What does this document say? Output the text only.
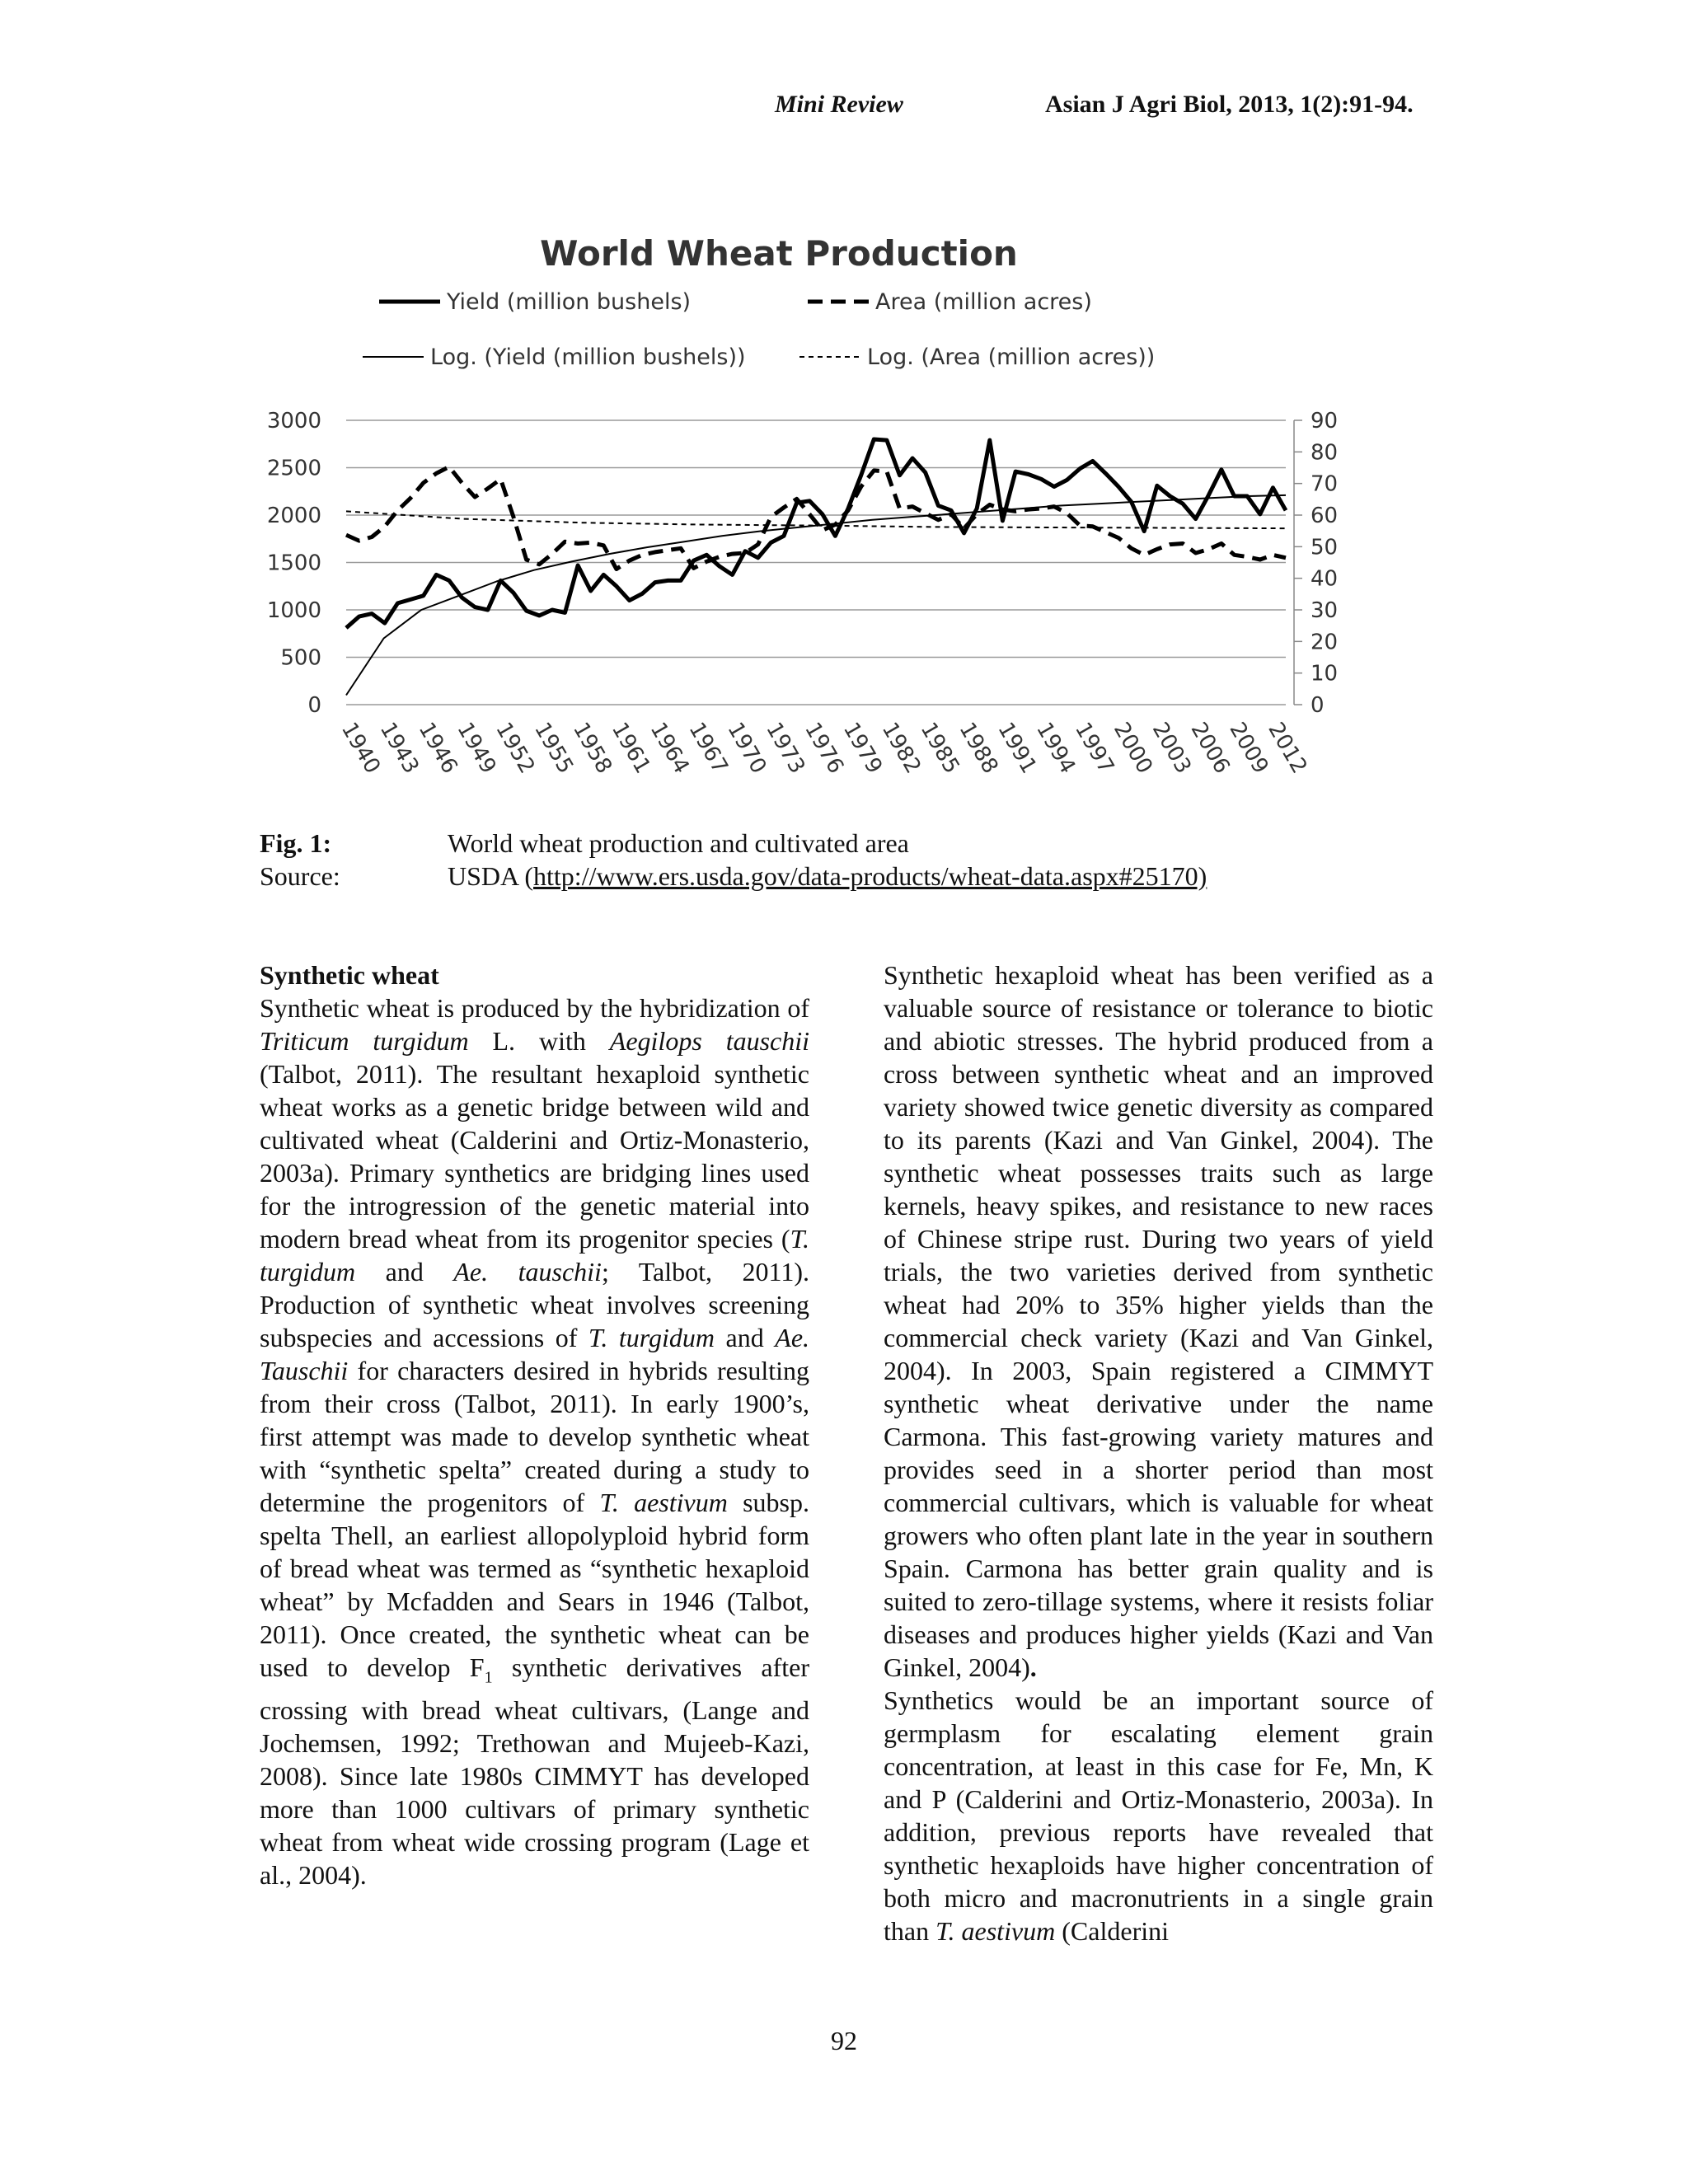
Mini Review	Asian J Agri Biol, 2013, 1(2):91-94.
World Wheat Production
Yield (million bushels)	Area (million acres)
Log. (Yield (million bushels))	Log. (Area (million acres))
0
500
1000
1500
2000
2500
3000
0
10
20
30
40
50
60
70
80
90
1940
1943
1946
1949
1952
1955
1958
1961
1964
1967
1970
1973
1976
1979
1982
1985
1988
1991
1994
1997
2000
2003
2006
2009
2012
Fig. 1:	World wheat production and cultivated area
Source:	USDA (http://www.ers.usda.gov/data-products/wheat-data.aspx#25170)
Synthetic wheat

Synthetic wheat is produced by the hybridization of Triticum turgidum L. with Aegilops tauschii (Talbot, 2011). The resultant hexaploid synthetic wheat works as a genetic bridge between wild and cultivated wheat (Calderini and Ortiz-Monasterio, 2003a). Primary synthetics are bridging lines used for the introgression of the genetic material into modern bread wheat from its progenitor species (T. turgidum and Ae. tauschii; Talbot, 2011). Production of synthetic wheat involves screening subspecies and accessions of T. turgidum and Ae. Tauschii for characters desired in hybrids resulting from their cross (Talbot, 2011). In early 1900’s, first attempt was made to develop synthetic wheat with “synthetic spelta” created during a study to determine the progenitors of T. aestivum subsp. spelta Thell, an earliest allopolyploid hybrid form of bread wheat was termed as “synthetic hexaploid wheat” by Mcfadden and Sears in 1946 (Talbot, 2011). Once created, the synthetic wheat can be used to develop $F_1$ synthetic derivatives after crossing with bread wheat cultivars, (Lange and Jochemsen, 1992; Trethowan and Mujeeb-Kazi, 2008). Since late 1980s CIMMYT has developed more than 1000 cultivars of primary synthetic wheat from wheat wide crossing program (Lage et al., 2004).

Synthetic hexaploid wheat has been verified as a valuable source of resistance or tolerance to biotic and abiotic stresses. The hybrid produced from a cross between synthetic wheat and an improved variety showed twice genetic diversity as compared to its parents (Kazi and Van Ginkel, 2004). The synthetic wheat possesses traits such as large kernels, heavy spikes, and resistance to new races of Chinese stripe rust. During two years of yield trials, the two varieties derived from synthetic wheat had 20% to 35% higher yields than the commercial check variety (Kazi and Van Ginkel, 2004). In 2003, Spain registered a CIMMYT synthetic wheat derivative under the name Carmona. This fast-growing variety matures and provides seed in a shorter period than most commercial cultivars, which is valuable for wheat growers who often plant late in the year in southern Spain. Carmona has better grain quality and is suited to zero-tillage systems, where it resists foliar diseases and produces higher yields (Kazi and Van Ginkel, 2004).

Synthetics would be an important source of germplasm for escalating element grain concentration, at least in this case for Fe, Mn, K and P (Calderini and Ortiz-Monasterio, 2003a). In addition, previous reports have revealed that synthetic hexaploids have higher concentration of both micro and macronutrients in a single grain than T. aestivum (Calderini

92
